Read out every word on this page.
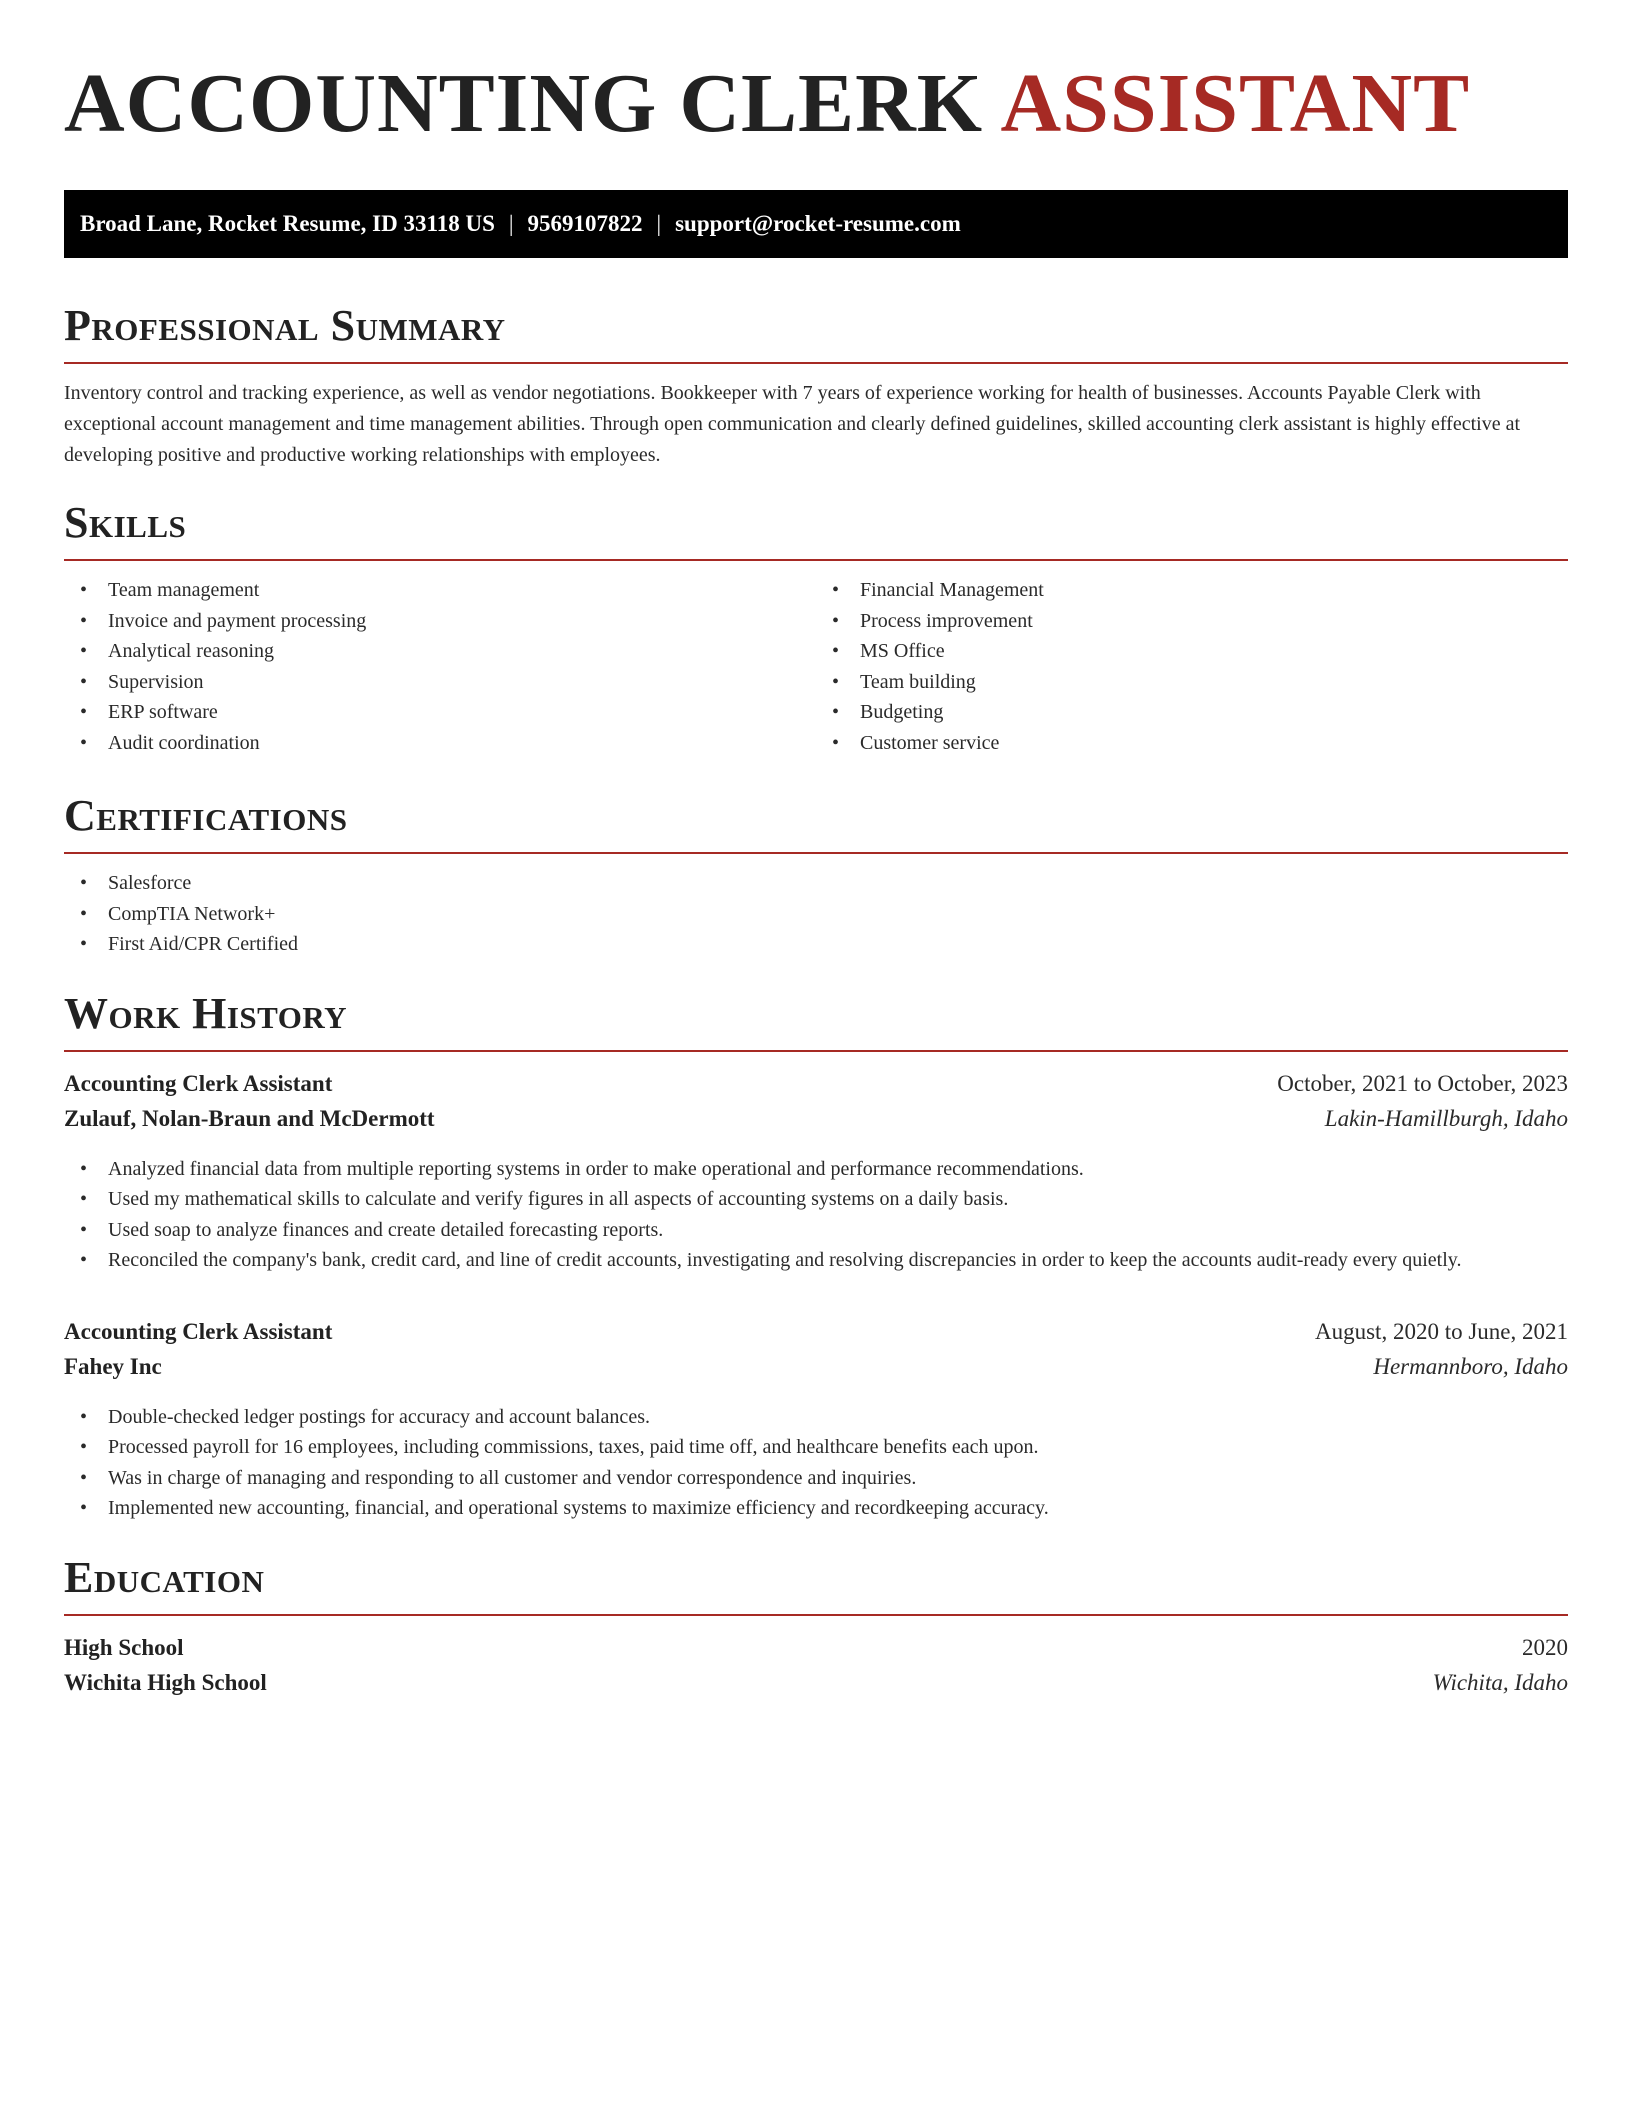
ACCOUNTING CLERK ASSISTANT
Broad Lane, Rocket Resume, ID 33118 US | 9569107822 | support@rocket-resume.com
Professional Summary

Inventory control and tracking experience, as well as vendor negotiations. Bookkeeper with 7 years of experience working for health of businesses. Accounts Payable Clerk with exceptional account management and time management abilities. Through open communication and clearly defined guidelines, skilled accounting clerk assistant is highly effective at developing positive and productive working relationships with employees.

Skills
• Team management
• Invoice and payment processing
• Analytical reasoning
• Supervision
• ERP software
• Audit coordination
• Financial Management
• Process improvement
• MS Office
• Team building
• Budgeting
• Customer service
Certifications
• Salesforce
• CompTIA Network+
• First Aid/CPR Certified
Work History
Accounting Clerk Assistant	October, 2021 to October, 2023
Zulauf, Nolan-Braun and McDermott	Lakin-Hamillburgh, Idaho
• Analyzed financial data from multiple reporting systems in order to make operational and performance recommendations.
• Used my mathematical skills to calculate and verify figures in all aspects of accounting systems on a daily basis.
• Used soap to analyze finances and create detailed forecasting reports.
• Reconciled the company's bank, credit card, and line of credit accounts, investigating and resolving discrepancies in order to keep the accounts audit-ready every quietly.
Accounting Clerk Assistant	August, 2020 to June, 2021
Fahey Inc	Hermannboro, Idaho
• Double-checked ledger postings for accuracy and account balances.
• Processed payroll for 16 employees, including commissions, taxes, paid time off, and healthcare benefits each upon.
• Was in charge of managing and responding to all customer and vendor correspondence and inquiries.
• Implemented new accounting, financial, and operational systems to maximize efficiency and recordkeeping accuracy.
Education
High School	2020
Wichita High School	Wichita, Idaho
